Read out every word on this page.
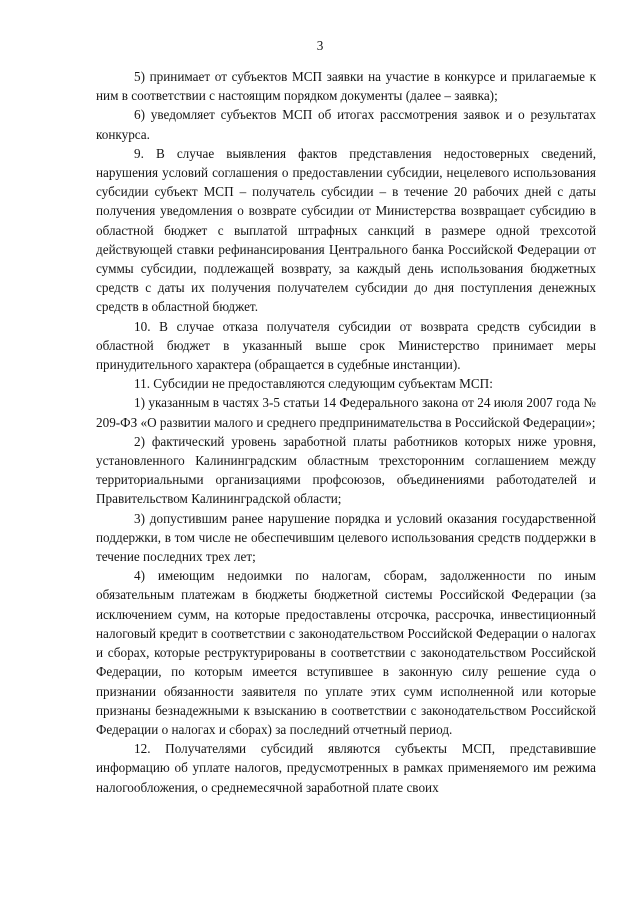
3

5) принимает от субъектов МСП заявки на участие в конкурсе и прилагаемые к ним в соответствии с настоящим порядком документы (далее – заявка);

6) уведомляет субъектов МСП об итогах рассмотрения заявок и о результатах конкурса.

9. В случае выявления фактов представления недостоверных сведений, нарушения условий соглашения о предоставлении субсидии, нецелевого использования субсидии субъект МСП – получатель субсидии – в течение 20 рабочих дней с даты получения уведомления о возврате субсидии от Министерства возвращает субсидию в областной бюджет с выплатой штрафных санкций в размере одной трехсотой действующей ставки рефинансирования Центрального банка Российской Федерации от суммы субсидии, подлежащей возврату, за каждый день использования бюджетных средств с даты их получения получателем субсидии до дня поступления денежных средств в областной бюджет.

10. В случае отказа получателя субсидии от возврата средств субсидии в областной бюджет в указанный выше срок Министерство принимает меры принудительного характера (обращается в судебные инстанции).

11. Субсидии не предоставляются следующим субъектам МСП:

1) указанным в частях 3-5 статьи 14 Федерального закона от 24 июля 2007 года № 209-ФЗ «О развитии малого и среднего предпринимательства в Российской Федерации»;

2) фактический уровень заработной платы работников которых ниже уровня, установленного Калининградским областным трехсторонним соглашением между территориальными организациями профсоюзов, объединениями работодателей и Правительством Калининградской области;

3) допустившим ранее нарушение порядка и условий оказания государственной поддержки, в том числе не обеспечившим целевого использования средств поддержки в течение последних трех лет;

4) имеющим недоимки по налогам, сборам, задолженности по иным обязательным платежам в бюджеты бюджетной системы Российской Федерации (за исключением сумм, на которые предоставлены отсрочка, рассрочка, инвестиционный налоговый кредит в соответствии с законодательством Российской Федерации о налогах и сборах, которые реструктурированы в соответствии с законодательством Российской Федерации, по которым имеется вступившее в законную силу решение суда о признании обязанности заявителя по уплате этих сумм исполненной или которые признаны безнадежными к взысканию в соответствии с законодательством Российской Федерации о налогах и сборах) за последний отчетный период.

12. Получателями субсидий являются субъекты МСП, представившие информацию об уплате налогов, предусмотренных в рамках применяемого им режима налогообложения, о среднемесячной заработной плате своих
